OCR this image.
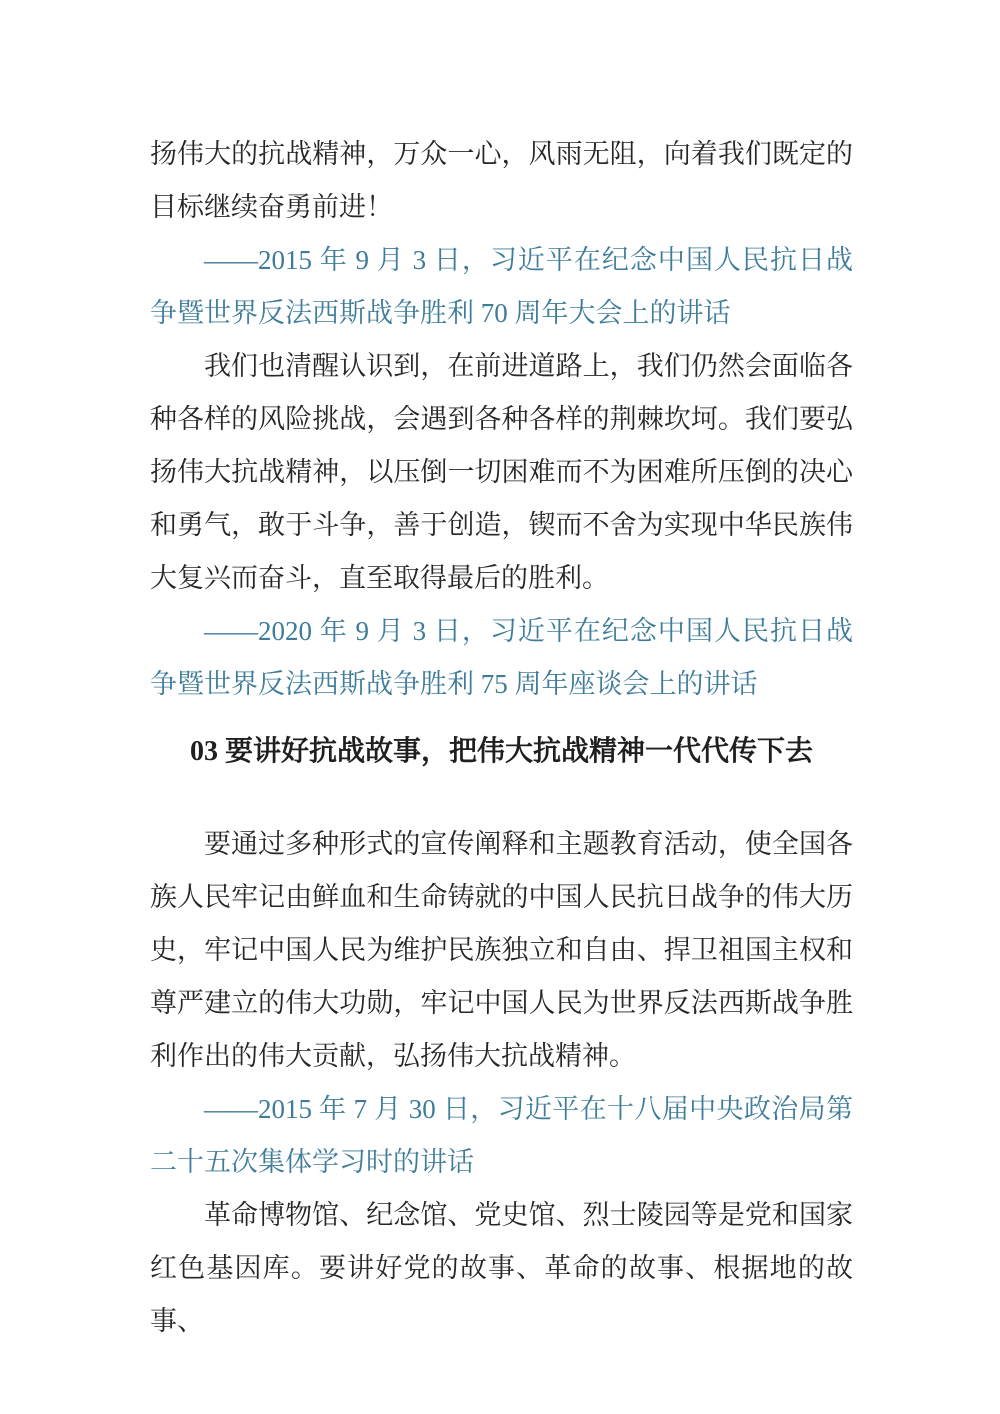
扬伟大的抗战精神，万众一心，风雨无阻，向着我们既定的目标继续奋勇前进！

——2015 年 9 月 3 日，习近平在纪念中国人民抗日战争暨世界反法西斯战争胜利 70 周年大会上的讲话

我们也清醒认识到，在前进道路上，我们仍然会面临各种各样的风险挑战，会遇到各种各样的荆棘坎坷。我们要弘扬伟大抗战精神，以压倒一切困难而不为困难所压倒的决心和勇气，敢于斗争，善于创造，锲而不舍为实现中华民族伟大复兴而奋斗，直至取得最后的胜利。

——2020 年 9 月 3 日，习近平在纪念中国人民抗日战争暨世界反法西斯战争胜利 75 周年座谈会上的讲话

03 要讲好抗战故事，把伟大抗战精神一代代传下去

要通过多种形式的宣传阐释和主题教育活动，使全国各族人民牢记由鲜血和生命铸就的中国人民抗日战争的伟大历史，牢记中国人民为维护民族独立和自由、捍卫祖国主权和尊严建立的伟大功勋，牢记中国人民为世界反法西斯战争胜利作出的伟大贡献，弘扬伟大抗战精神。

——2015 年 7 月 30 日，习近平在十八届中央政治局第二十五次集体学习时的讲话

革命博物馆、纪念馆、党史馆、烈士陵园等是党和国家红色基因库。要讲好党的故事、革命的故事、根据地的故事、
